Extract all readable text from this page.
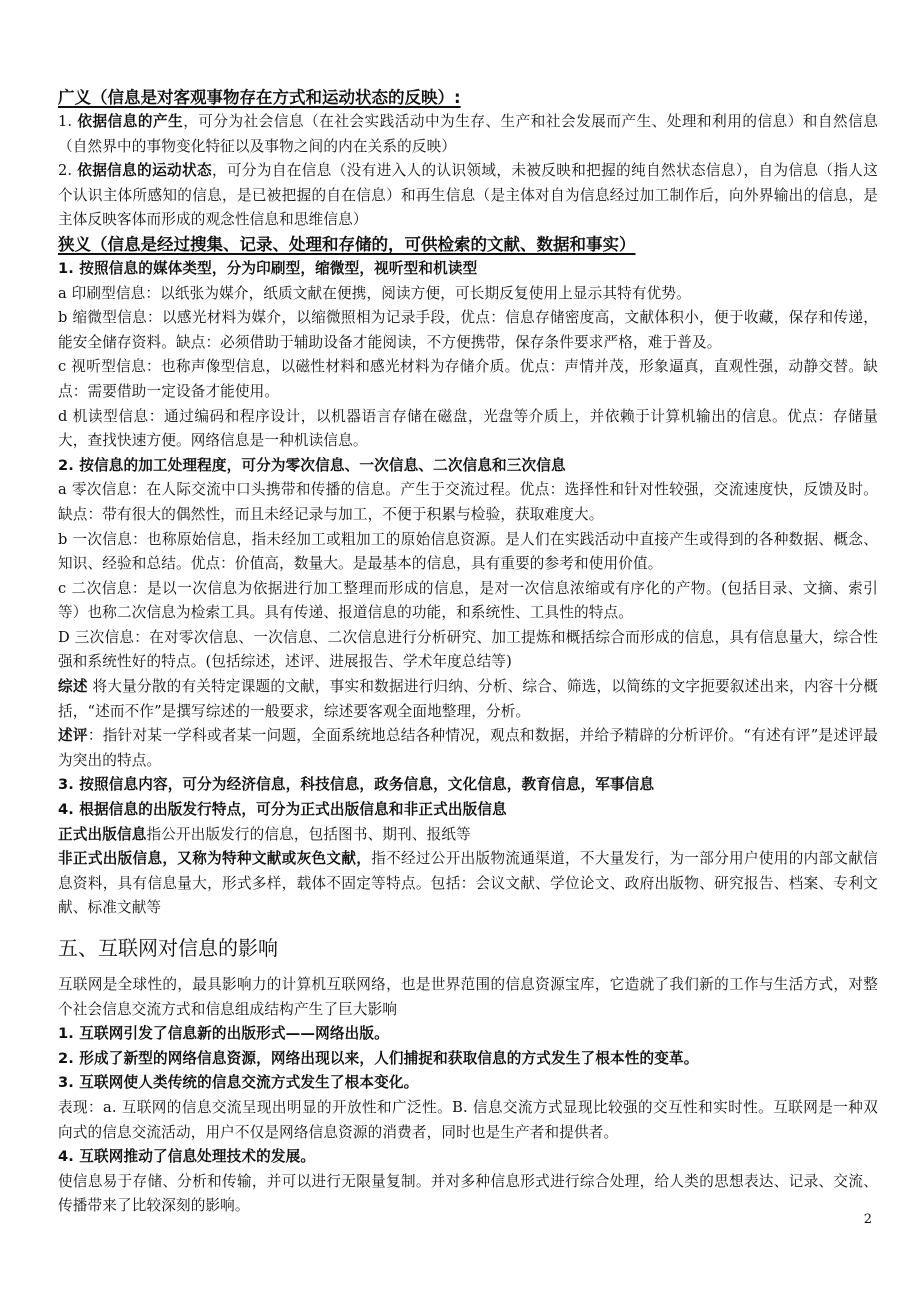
广义（信息是对客观事物存在方式和运动状态的反映）:

1. 依据信息的产生，可分为社会信息（在社会实践活动中为生存、生产和社会发展而产生、处理和利用的信息）和自然信息（自然界中的事物变化特征以及事物之间的内在关系的反映）

2. 依据信息的运动状态，可分为自在信息（没有进入人的认识领域，未被反映和把握的纯自然状态信息），自为信息（指人这个认识主体所感知的信息，是已被把握的自在信息）和再生信息（是主体对自为信息经过加工制作后，向外界输出的信息，是主体反映客体而形成的观念性信息和思维信息）

狭义（信息是经过搜集、记录、处理和存储的，可供检索的文献、数据和事实）

1. 按照信息的媒体类型，分为印刷型，缩微型，视听型和机读型

a 印刷型信息：以纸张为媒介，纸质文献在便携，阅读方便，可长期反复使用上显示其特有优势。

b 缩微型信息：以感光材料为媒介，以缩微照相为记录手段，优点：信息存储密度高，文献体积小，便于收藏，保存和传递，能安全储存资料。缺点：必须借助于辅助设备才能阅读，不方便携带，保存条件要求严格，难于普及。

c 视听型信息：也称声像型信息，以磁性材料和感光材料为存储介质。优点：声情并茂，形象逼真，直观性强，动静交替。缺点：需要借助一定设备才能使用。

d 机读型信息：通过编码和程序设计，以机器语言存储在磁盘，光盘等介质上，并依赖于计算机输出的信息。优点：存储量大，查找快速方便。网络信息是一种机读信息。

2. 按信息的加工处理程度，可分为零次信息、一次信息、二次信息和三次信息

a 零次信息：在人际交流中口头携带和传播的信息。产生于交流过程。优点：选择性和针对性较强，交流速度快，反馈及时。缺点：带有很大的偶然性，而且未经记录与加工，不便于积累与检验，获取难度大。

b 一次信息：也称原始信息，指未经加工或粗加工的原始信息资源。是人们在实践活动中直接产生或得到的各种数据、概念、知识、经验和总结。优点：价值高，数量大。是最基本的信息，具有重要的参考和使用价值。

c 二次信息：是以一次信息为依据进行加工整理而形成的信息，是对一次信息浓缩或有序化的产物。(包括目录、文摘、索引等）也称二次信息为检索工具。具有传递、报道信息的功能，和系统性、工具性的特点。

D 三次信息：在对零次信息、一次信息、二次信息进行分析研究、加工提炼和概括综合而形成的信息，具有信息量大，综合性强和系统性好的特点。(包括综述，述评、进展报告、学术年度总结等)

综述 将大量分散的有关特定课题的文献，事实和数据进行归纳、分析、综合、筛选，以简练的文字扼要叙述出来，内容十分概括，“述而不作”是撰写综述的一般要求，综述要客观全面地整理，分析。

述评：指针对某一学科或者某一问题，全面系统地总结各种情况，观点和数据，并给予精辟的分析评价。“有述有评”是述评最为突出的特点。

3. 按照信息内容，可分为经济信息，科技信息，政务信息，文化信息，教育信息，军事信息

4. 根据信息的出版发行特点，可分为正式出版信息和非正式出版信息

正式出版信息指公开出版发行的信息，包括图书、期刊、报纸等

非正式出版信息，又称为特种文献或灰色文献，指不经过公开出版物流通渠道，不大量发行，为一部分用户使用的内部文献信息资料，具有信息量大，形式多样，载体不固定等特点。包括：会议文献、学位论文、政府出版物、研究报告、档案、专利文献、标准文献等

五、互联网对信息的影响

互联网是全球性的，最具影响力的计算机互联网络，也是世界范围的信息资源宝库，它造就了我们新的工作与生活方式，对整个社会信息交流方式和信息组成结构产生了巨大影响

1. 互联网引发了信息新的出版形式——网络出版。

2. 形成了新型的网络信息资源，网络出现以来，人们捕捉和获取信息的方式发生了根本性的变革。

3. 互联网使人类传统的信息交流方式发生了根本变化。

表现：a. 互联网的信息交流呈现出明显的开放性和广泛性。B. 信息交流方式显现比较强的交互性和实时性。互联网是一种双向式的信息交流活动，用户不仅是网络信息资源的消费者，同时也是生产者和提供者。

4. 互联网推动了信息处理技术的发展。

使信息易于存储、分析和传输，并可以进行无限量复制。并对多种信息形式进行综合处理，给人类的思想表达、记录、交流、传播带来了比较深刻的影响。

2
